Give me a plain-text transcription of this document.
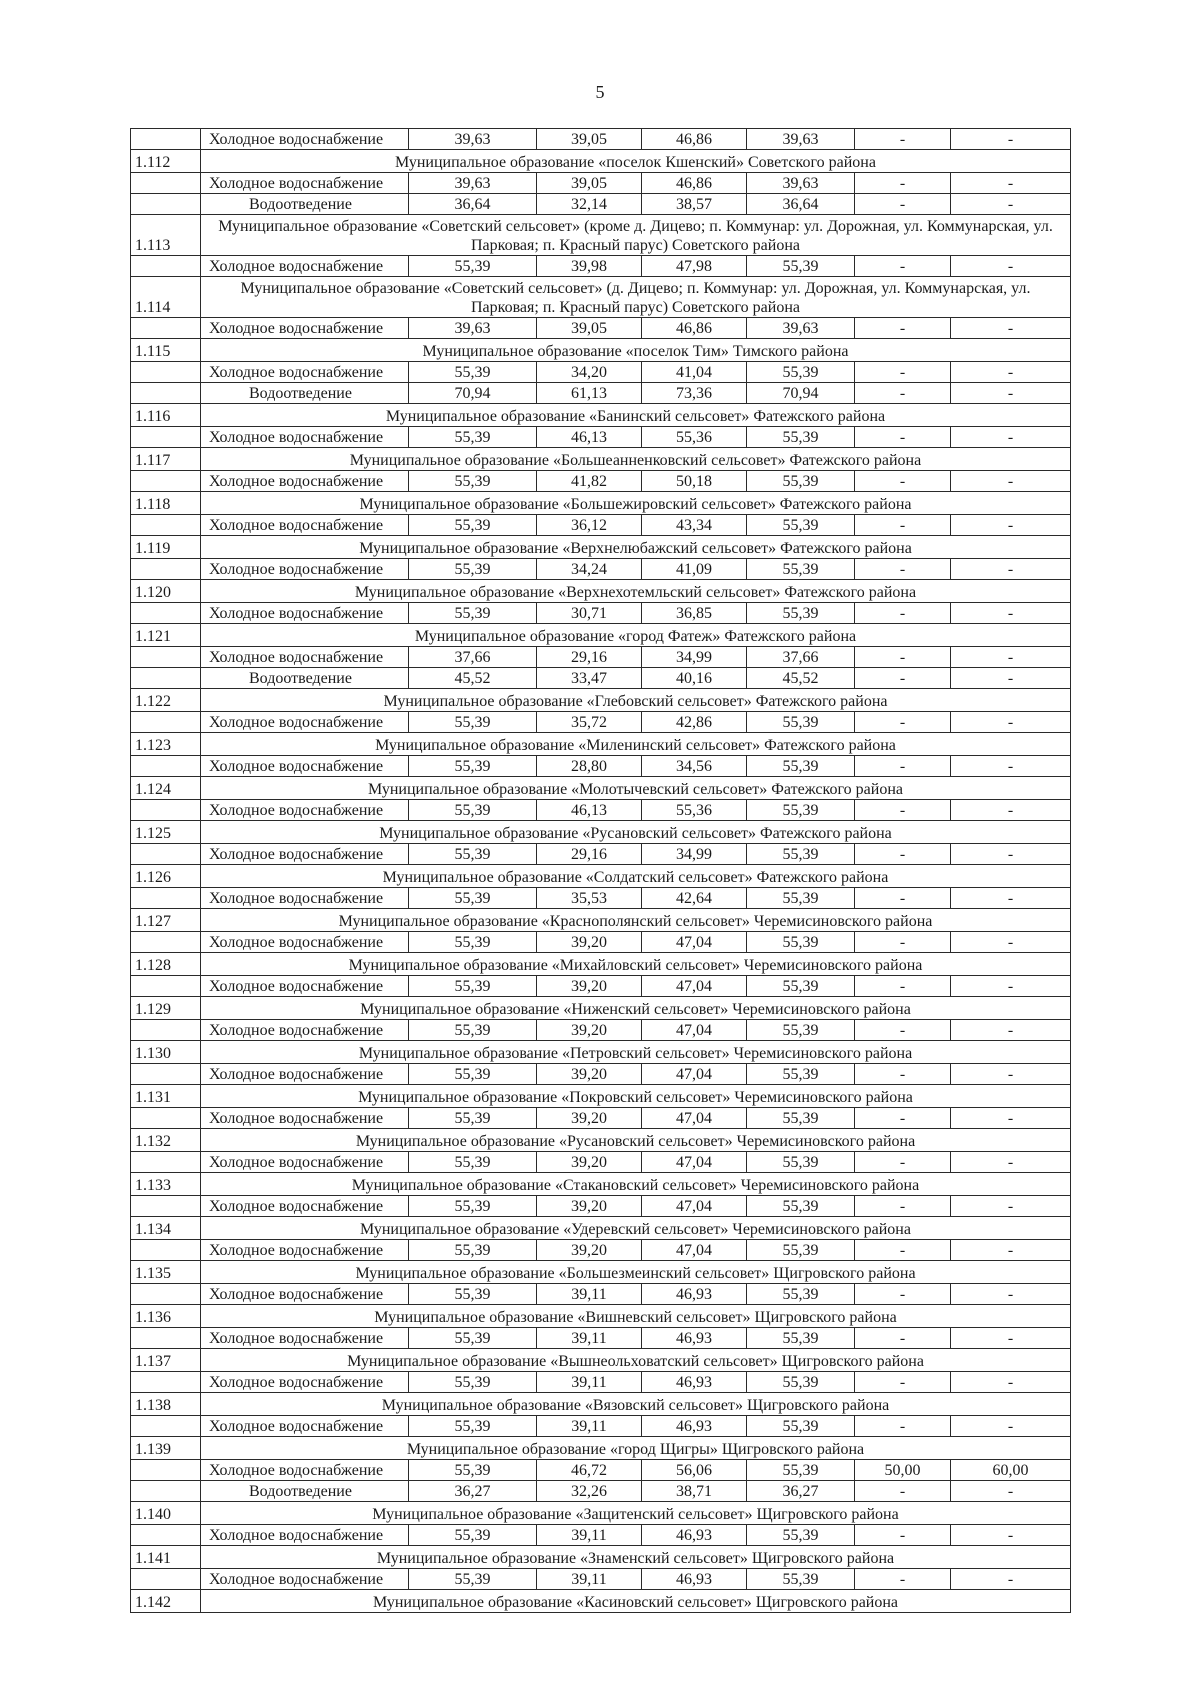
5
	Холодное водоснабжение	39,63	39,05	46,86	39,63	-	-
1.112	Муниципальное образование «поселок Кшенский» Советского района						
	Холодное водоснабжение	39,63	39,05	46,86	39,63	-	-
	Водоотведение	36,64	32,14	38,57	36,64	-	-
1.113	Муниципальное образование «Советский сельсовет» (кроме д. Дицево; п. Коммунар: ул. Дорожная, ул. Коммунарская, ул. Парковая; п. Красный парус) Советского района						
	Холодное водоснабжение	55,39	39,98	47,98	55,39	-	-
1.114	Муниципальное образование «Советский сельсовет» (д. Дицево; п. Коммунар: ул. Дорожная, ул. Коммунарская, ул. Парковая; п. Красный парус) Советского района						
	Холодное водоснабжение	39,63	39,05	46,86	39,63	-	-
1.115	Муниципальное образование «поселок Тим» Тимского района						
	Холодное водоснабжение	55,39	34,20	41,04	55,39	-	-
	Водоотведение	70,94	61,13	73,36	70,94	-	-
1.116	Муниципальное образование «Банинский сельсовет» Фатежского района						
	Холодное водоснабжение	55,39	46,13	55,36	55,39	-	-
1.117	Муниципальное образование «Большеанненковский сельсовет» Фатежского района						
	Холодное водоснабжение	55,39	41,82	50,18	55,39	-	-
1.118	Муниципальное образование «Большежировский сельсовет» Фатежского района						
	Холодное водоснабжение	55,39	36,12	43,34	55,39	-	-
1.119	Муниципальное образование «Верхнелюбажский сельсовет» Фатежского района						
	Холодное водоснабжение	55,39	34,24	41,09	55,39	-	-
1.120	Муниципальное образование «Верхнехотемльский сельсовет» Фатежского района						
	Холодное водоснабжение	55,39	30,71	36,85	55,39	-	-
1.121	Муниципальное образование «город Фатеж» Фатежского района						
	Холодное водоснабжение	37,66	29,16	34,99	37,66	-	-
	Водоотведение	45,52	33,47	40,16	45,52	-	-
1.122	Муниципальное образование «Глебовский сельсовет» Фатежского района						
	Холодное водоснабжение	55,39	35,72	42,86	55,39	-	-
1.123	Муниципальное образование «Миленинский сельсовет» Фатежского района						
	Холодное водоснабжение	55,39	28,80	34,56	55,39	-	-
1.124	Муниципальное образование «Молотычевский сельсовет» Фатежского района						
	Холодное водоснабжение	55,39	46,13	55,36	55,39	-	-
1.125	Муниципальное образование «Русановский сельсовет» Фатежского района						
	Холодное водоснабжение	55,39	29,16	34,99	55,39	-	-
1.126	Муниципальное образование «Солдатский сельсовет» Фатежского района						
	Холодное водоснабжение	55,39	35,53	42,64	55,39	-	-
1.127	Муниципальное образование «Краснополянский сельсовет» Черемисиновского района						
	Холодное водоснабжение	55,39	39,20	47,04	55,39	-	-
1.128	Муниципальное образование «Михайловский сельсовет» Черемисиновского района						
	Холодное водоснабжение	55,39	39,20	47,04	55,39	-	-
1.129	Муниципальное образование «Ниженский сельсовет» Черемисиновского района						
	Холодное водоснабжение	55,39	39,20	47,04	55,39	-	-
1.130	Муниципальное образование «Петровский сельсовет» Черемисиновского района						
	Холодное водоснабжение	55,39	39,20	47,04	55,39	-	-
1.131	Муниципальное образование «Покровский сельсовет» Черемисиновского района						
	Холодное водоснабжение	55,39	39,20	47,04	55,39	-	-
1.132	Муниципальное образование «Русановский сельсовет» Черемисиновского района						
	Холодное водоснабжение	55,39	39,20	47,04	55,39	-	-
1.133	Муниципальное образование «Стакановский сельсовет» Черемисиновского района						
	Холодное водоснабжение	55,39	39,20	47,04	55,39	-	-
1.134	Муниципальное образование «Удеревский сельсовет» Черемисиновского района						
	Холодное водоснабжение	55,39	39,20	47,04	55,39	-	-
1.135	Муниципальное образование «Большезмеинский сельсовет» Щигровского района						
	Холодное водоснабжение	55,39	39,11	46,93	55,39	-	-
1.136	Муниципальное образование «Вишневский сельсовет» Щигровского района						
	Холодное водоснабжение	55,39	39,11	46,93	55,39	-	-
1.137	Муниципальное образование «Вышнеольховатский сельсовет» Щигровского района						
	Холодное водоснабжение	55,39	39,11	46,93	55,39	-	-
1.138	Муниципальное образование «Вязовский сельсовет» Щигровского района						
	Холодное водоснабжение	55,39	39,11	46,93	55,39	-	-
1.139	Муниципальное образование «город Щигры» Щигровского района						
	Холодное водоснабжение	55,39	46,72	56,06	55,39	50,00	60,00
	Водоотведение	36,27	32,26	38,71	36,27	-	-
1.140	Муниципальное образование «Защитенский сельсовет» Щигровского района						
	Холодное водоснабжение	55,39	39,11	46,93	55,39	-	-
1.141	Муниципальное образование «Знаменский сельсовет» Щигровского района						
	Холодное водоснабжение	55,39	39,11	46,93	55,39	-	-
1.142	Муниципальное образование «Касиновский сельсовет» Щигровского района						
